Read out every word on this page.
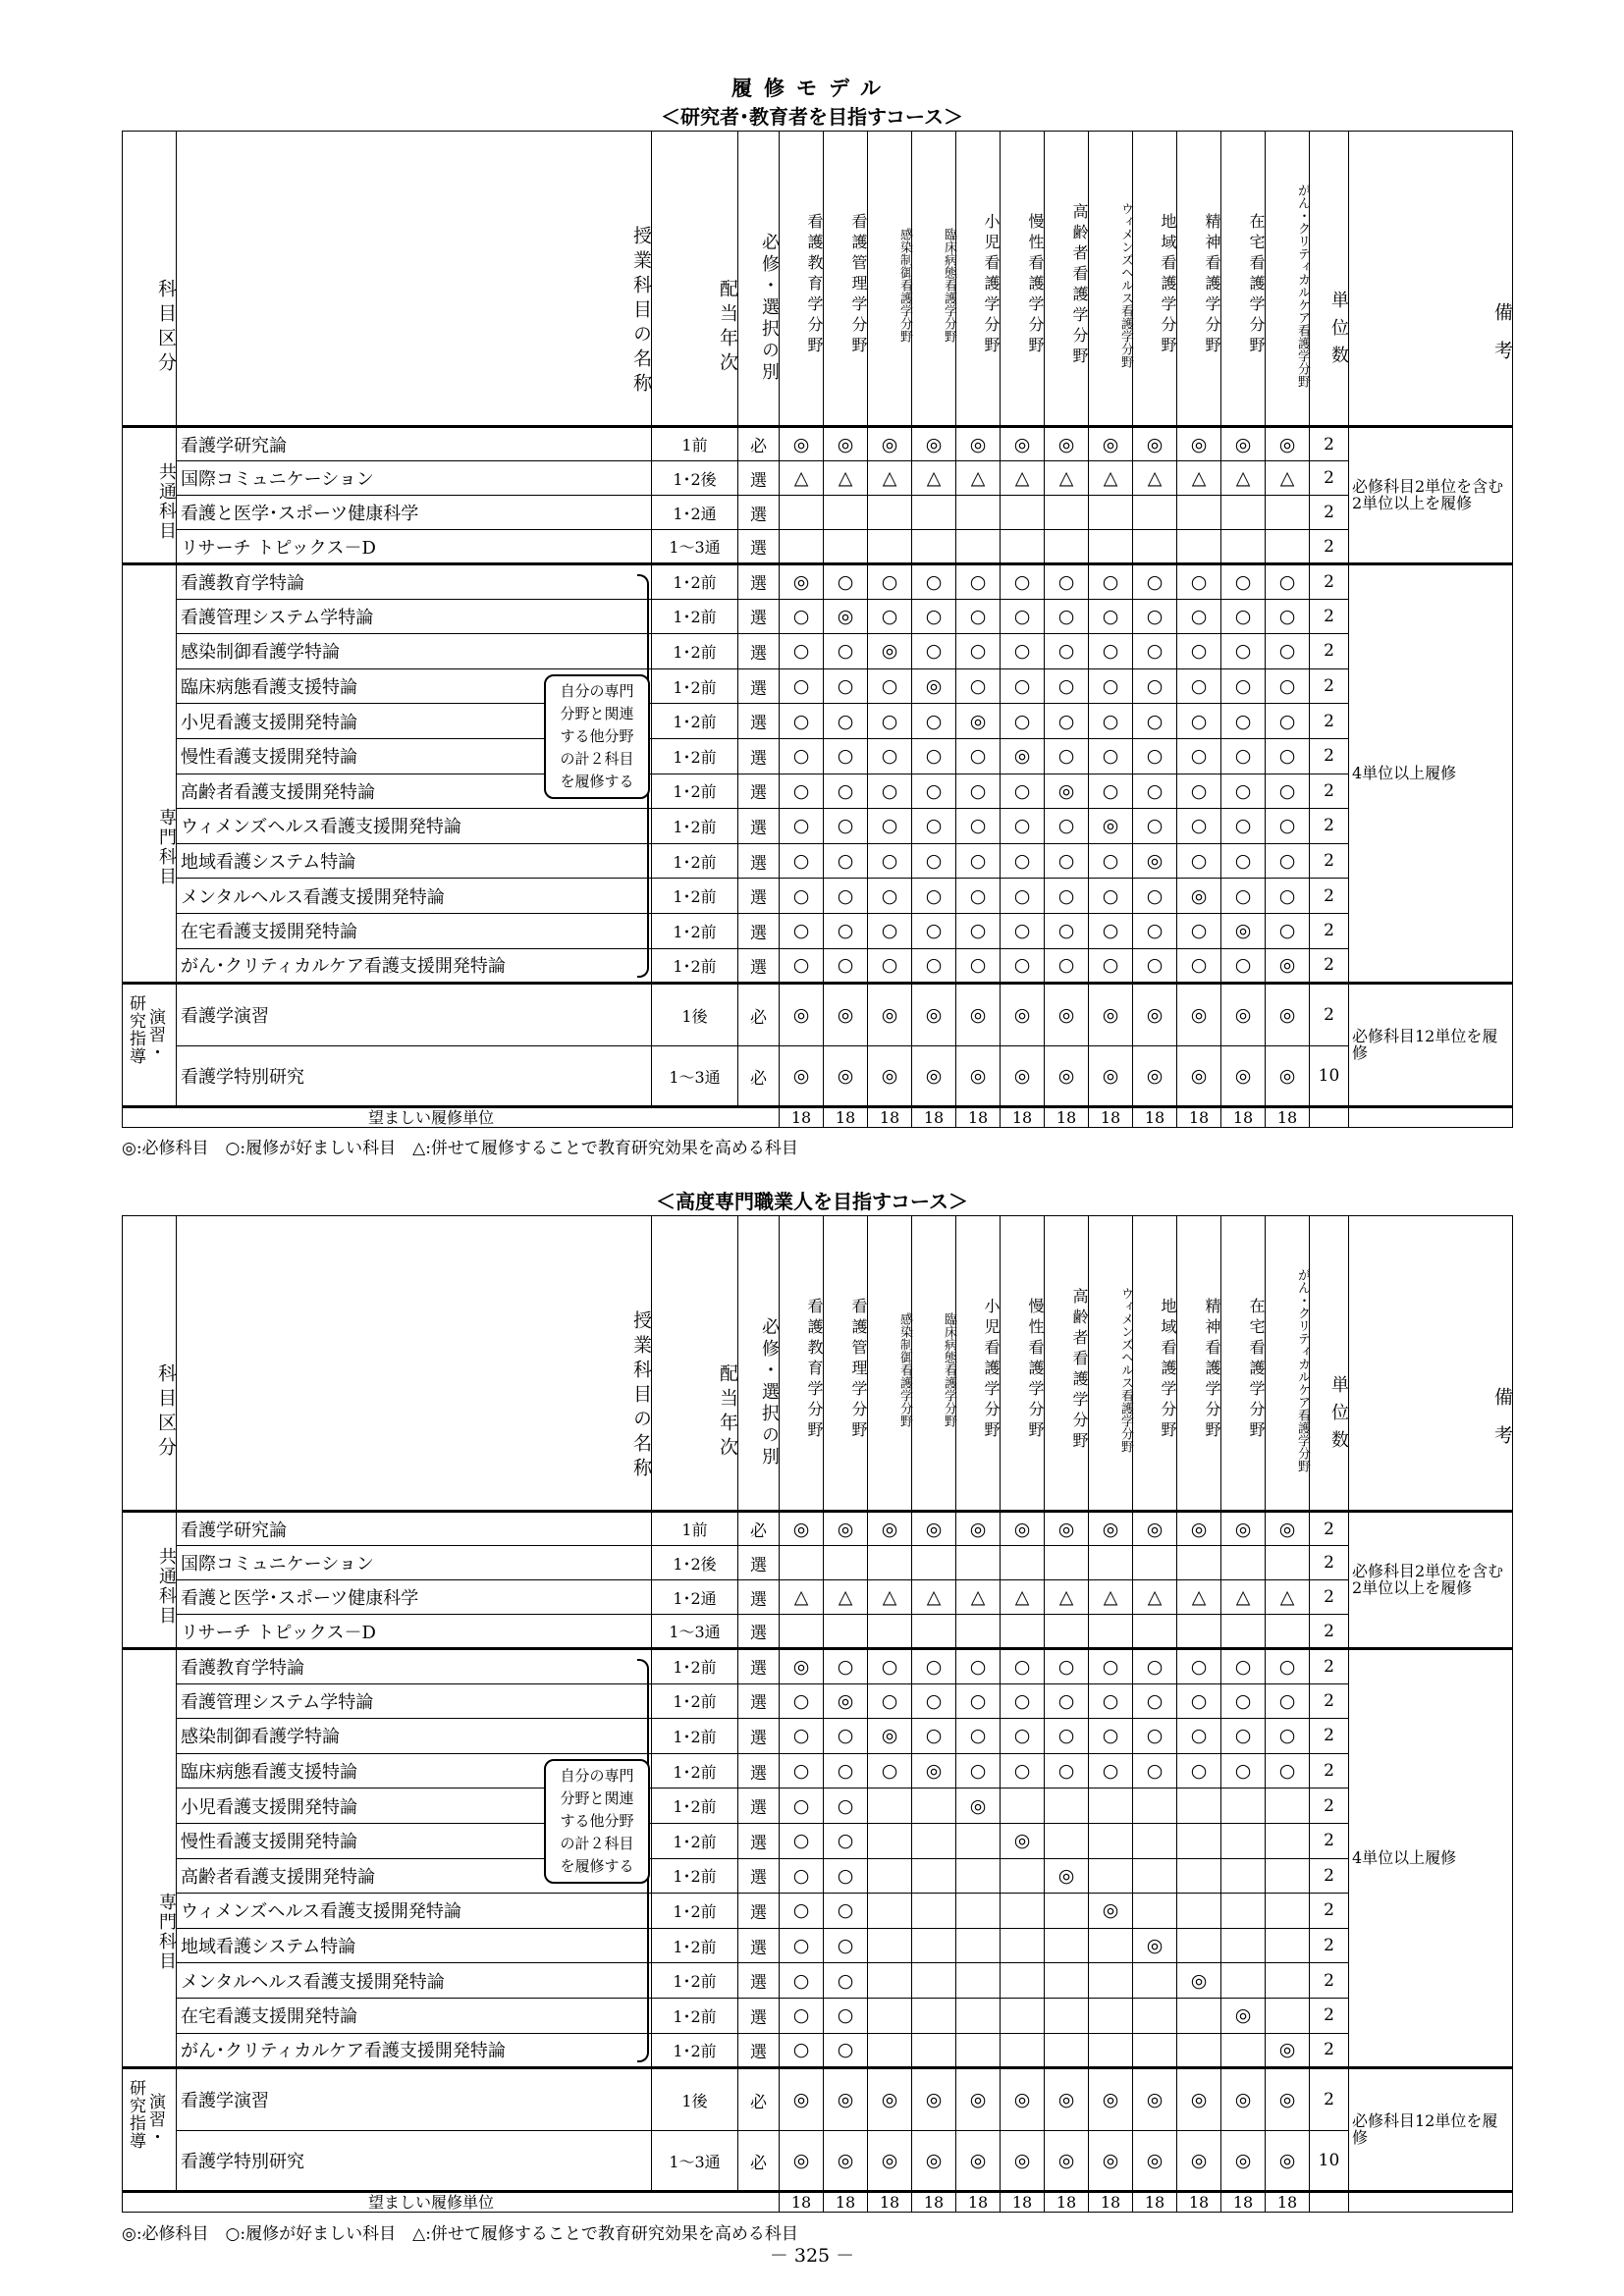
履修モデル
＜研究者･教育者を目指すコース＞
科目区分	授業科目の名称	配当年次	必修・選択の別	看護教育学分野	看護管理学分野	感染制御看護学分野	臨床病態看護学分野	小児看護学分野	慢性看護学分野	高齢者看護学分野	ウィメンズヘルス看護学分野	地域看護学分野	精神看護学分野	在宅看護学分野	がん・クリティカルケア看護学分野	単位数	備考
共通科目	看護学研究論	1前	必	◎	◎	◎	◎	◎	◎	◎	◎	◎	◎	◎	◎	2	必修科目2単位を含む2単位以上を履修
	国際コミュニケーション	1･2後	選	△	△	△	△	△	△	△	△	△	△	△	△	2	
	看護と医学･スポーツ健康科学	1･2通	選													2	
	リサーチ トピックス－D	1～3通	選													2	
専門科目	看護教育学特論	1･2前	選	◎	○	○	○	○	○	○	○	○	○	○	○	2	4単位以上履修
	看護管理システム学特論	1･2前	選	○	◎	○	○	○	○	○	○	○	○	○	○	2	
	感染制御看護学特論	1･2前	選	○	○	◎	○	○	○	○	○	○	○	○	○	2	
	臨床病態看護支援特論	1･2前	選	○	○	○	◎	○	○	○	○	○	○	○	○	2	
	小児看護支援開発特論	1･2前	選	○	○	○	○	◎	○	○	○	○	○	○	○	2	
	慢性看護支援開発特論	1･2前	選	○	○	○	○	○	◎	○	○	○	○	○	○	2	
	高齢者看護支援開発特論	1･2前	選	○	○	○	○	○	○	◎	○	○	○	○	○	2	
	ウィメンズヘルス看護支援開発特論	1･2前	選	○	○	○	○	○	○	○	◎	○	○	○	○	2	
	地域看護システム特論	1･2前	選	○	○	○	○	○	○	○	○	◎	○	○	○	2	
	メンタルヘルス看護支援開発特論	1･2前	選	○	○	○	○	○	○	○	○	○	◎	○	○	2	
	在宅看護支援開発特論	1･2前	選	○	○	○	○	○	○	○	○	○	○	◎	○	2	
	がん･クリティカルケア看護支援開発特論	1･2前	選	○	○	○	○	○	○	○	○	○	○	○	◎	2	

研究指導 演習・	看護学演習	1後	必	◎	◎	◎	◎	◎	◎	◎	◎	◎	◎	◎	◎	2	必修科目12単位を履修
	看護学特別研究	1～3通	必	◎	◎	◎	◎	◎	◎	◎	◎	◎	◎	◎	◎	10	
望ましい履修単位				18	18	18	18	18	18	18	18	18	18	18	18		
◎:必修科目　○:履修が好ましい科目　△:併せて履修することで教育研究効果を高める科目
＜高度専門職業人を目指すコース＞
科目区分	授業科目の名称	配当年次	必修・選択の別	看護教育学分野	看護管理学分野	感染制御看護学分野	臨床病態看護学分野	小児看護学分野	慢性看護学分野	高齢者看護学分野	ウィメンズヘルス看護学分野	地域看護学分野	精神看護学分野	在宅看護学分野	がん・クリティカルケア看護学分野	単位数	備考
共通科目	看護学研究論	1前	必	◎	◎	◎	◎	◎	◎	◎	◎	◎	◎	◎	◎	2	必修科目2単位を含む2単位以上を履修
	国際コミュニケーション	1･2後	選													2	
	看護と医学･スポーツ健康科学	1･2通	選	△	△	△	△	△	△	△	△	△	△	△	△	2	
	リサーチ トピックス－D	1～3通	選													2	
専門科目	看護教育学特論	1･2前	選	◎	○	○	○	○	○	○	○	○	○	○	○	2	4単位以上履修
	看護管理システム学特論	1･2前	選	○	◎	○	○	○	○	○	○	○	○	○	○	2	
	感染制御看護学特論	1･2前	選	○	○	◎	○	○	○	○	○	○	○	○	○	2	
	臨床病態看護支援特論	1･2前	選	○	○	○	◎	○	○	○	○	○	○	○	○	2	
	小児看護支援開発特論	1･2前	選	○	○			◎								2	
	慢性看護支援開発特論	1･2前	選	○	○				◎							2	
	高齢者看護支援開発特論	1･2前	選	○	○					◎						2	
	ウィメンズヘルス看護支援開発特論	1･2前	選	○	○						◎					2	
	地域看護システム特論	1･2前	選	○	○							◎				2	
	メンタルヘルス看護支援開発特論	1･2前	選	○	○								◎			2	
	在宅看護支援開発特論	1･2前	選	○	○									◎		2	
	がん･クリティカルケア看護支援開発特論	1･2前	選	○	○										◎	2	

研究指導 演習・	看護学演習	1後	必	◎	◎	◎	◎	◎	◎	◎	◎	◎	◎	◎	◎	2	必修科目12単位を履修
	看護学特別研究	1～3通	必	◎	◎	◎	◎	◎	◎	◎	◎	◎	◎	◎	◎	10	
望ましい履修単位				18	18	18	18	18	18	18	18	18	18	18	18		
◎:必修科目　○:履修が好ましい科目　△:併せて履修することで教育研究効果を高める科目
－ 325 －
自分の専門
分野と関連
する他分野
の計２科目
を履修する
自分の専門
分野と関連
する他分野
の計２科目
を履修する
